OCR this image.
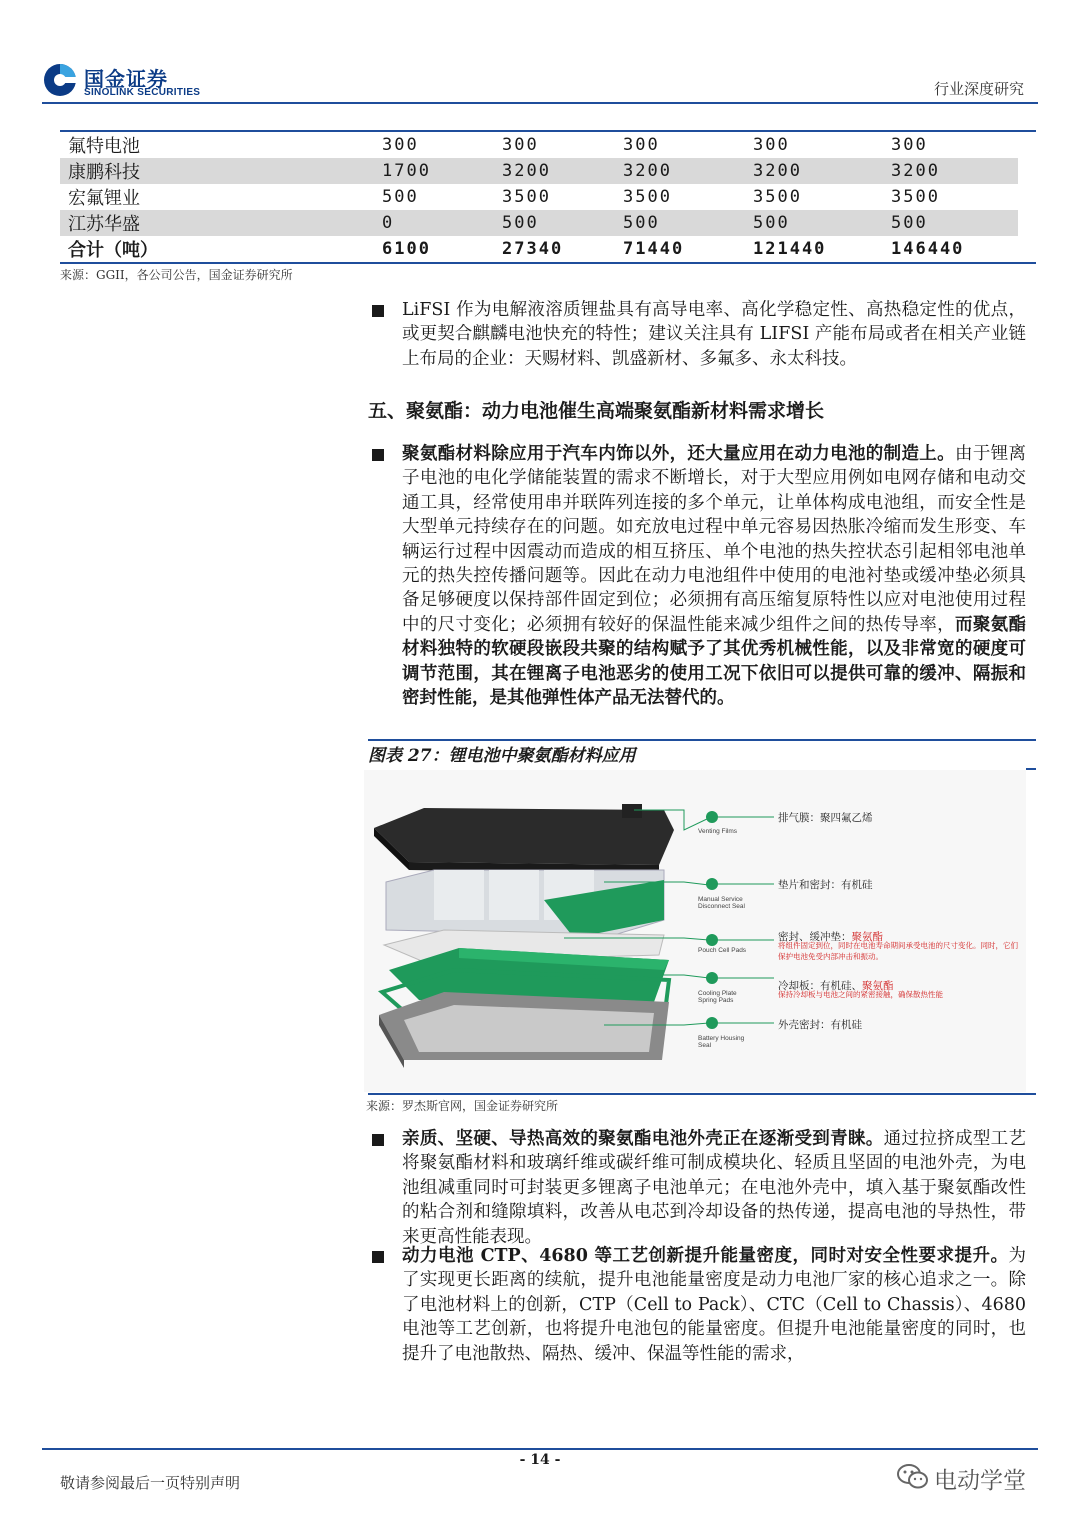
国金证券
SINOLINK SECURITIES	行业深度研究
氟特电池	300	300	300	300	300
康鹏科技	1700	3200	3200	3200	3200
宏氟锂业	500	3500	3500	3500	3500
江苏华盛	0	500	500	500	500
合计（吨）	6100	27340	71440	121440	146440
来源：GGII，各公司公告，国金证券研究所
LiFSI 作为电解液溶质锂盐具有高导电率、高化学稳定性、高热稳定性的优点，或更契合麒麟电池快充的特性；建议关注具有 LIFSI 产能布局或者在相关产业链上布局的企业：天赐材料、凯盛新材、多氟多、永太科技。
五、聚氨酯：动力电池催生高端聚氨酯新材料需求增长
聚氨酯材料除应用于汽车内饰以外，还大量应用在动力电池的制造上。由于锂离子电池的电化学储能装置的需求不断增长，对于大型应用例如电网存储和电动交通工具，经常使用串并联阵列连接的多个单元，让单体构成电池组，而安全性是大型单元持续存在的问题。如充放电过程中单元容易因热胀冷缩而发生形变、车辆运行过程中因震动而造成的相互挤压、单个电池的热失控状态引起相邻电池单元的热失控传播问题等。因此在动力电池组件中使用的电池衬垫或缓冲垫必须具备足够硬度以保持部件固定到位；必须拥有高压缩复原特性以应对电池使用过程中的尺寸变化；必须拥有较好的保温性能来减少组件之间的热传导率，而聚氨酯材料独特的软硬段嵌段共聚的结构赋予了其优秀机械性能，以及非常宽的硬度可调节范围，其在锂离子电池恶劣的使用工况下依旧可以提供可靠的缓冲、隔振和密封性能，是其他弹性体产品无法替代的。
图表 27：锂电池中聚氨酯材料应用
Venting Films
Manual Service Disconnect Seal
Pouch Cell Pads
Cooling Plate Spring Pads
Battery Housing Seal
排气膜：聚四氟乙烯
垫片和密封：有机硅
密封、缓冲垫：聚氨酯
将组件固定到位，同时在电池寿命期间承受电池的尺寸变化。同时，它们保护电池免受内部冲击和振动。
冷却板：有机硅、聚氨酯
保持冷却板与电池之间的紧密接触，确保散热性能
外壳密封：有机硅
来源：罗杰斯官网，国金证券研究所
亲质、坚硬、导热高效的聚氨酯电池外壳正在逐渐受到青睐。通过拉挤成型工艺将聚氨酯材料和玻璃纤维或碳纤维可制成模块化、轻质且坚固的电池外壳，为电池组减重同时可封装更多锂离子电池单元；在电池外壳中，填入基于聚氨酯改性的粘合剂和缝隙填料，改善从电芯到冷却设备的热传递，提高电池的导热性，带来更高性能表现。
动力电池 CTP、4680 等工艺创新提升能量密度，同时对安全性要求提升。为了实现更长距离的续航，提升电池能量密度是动力电池厂家的核心追求之一。除了电池材料上的创新，CTP（Cell to Pack）、CTC（Cell to Chassis）、4680 电池等工艺创新，也将提升电池包的能量密度。但提升电池能量密度的同时，也提升了电池散热、隔热、缓冲、保温等性能的需求，
- 14 -
敬请参阅最后一页特别声明	电动学堂
